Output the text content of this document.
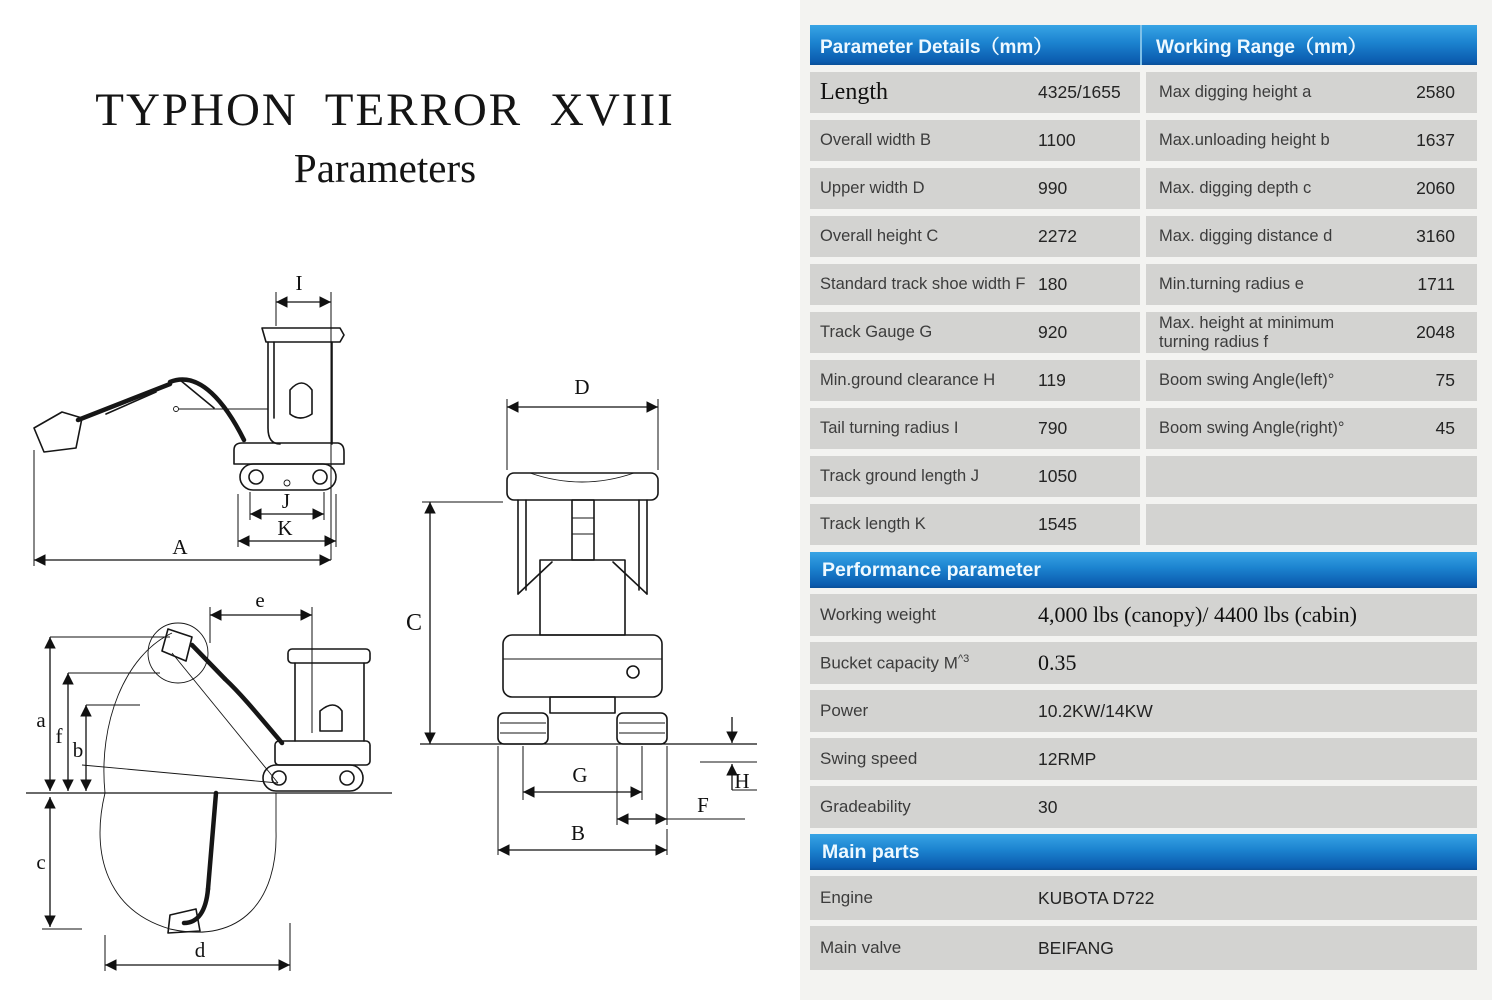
TYPHON TERROR XVIII
Parameters
I
J
K
A
D
C
G
F
B
H
e
a
f
b
c
d
Parameter Details（mm）	Working Range（mm）
Length	4325/1655	Max digging height a	2580
Overall width B	1100	Max.unloading height b	1637
Upper width D	990	Max. digging depth c	2060
Overall height C	2272	Max. digging distance d	3160
Standard track shoe width F 180	Min.turning radius e	1711
Track Gauge G	920	Max. height at minimum turning radius f	2048
Min.ground clearance H	119	Boom swing Angle(left)°	75
Tail turning radius I	790	Boom swing Angle(right)°	45
Track ground length J	1050
Track length K	1545
Performance parameter
Working weight	4,000 lbs (canopy)/ 4400 lbs (cabin)
Bucket capacity $M^{\^{}3}$	0.35
Power	10.2KW/14KW
Swing speed	12RMP
Gradeability	30
Main parts
Engine	KUBOTA D722
Main valve	BEIFANG
